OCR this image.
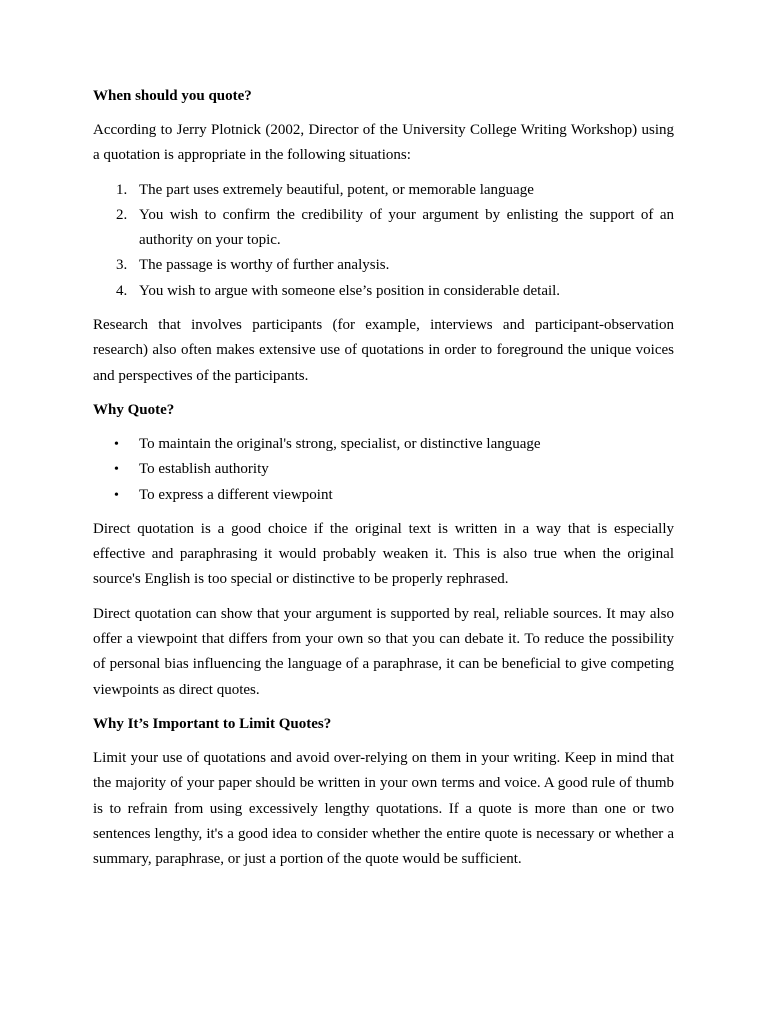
When should you quote?
According to Jerry Plotnick (2002, Director of the University College Writing Workshop) using a quotation is appropriate in the following situations:
1. The part uses extremely beautiful, potent, or memorable language
2. You wish to confirm the credibility of your argument by enlisting the support of an authority on your topic.
3. The passage is worthy of further analysis.
4. You wish to argue with someone else’s position in considerable detail.
Research that involves participants (for example, interviews and participant-observation research) also often makes extensive use of quotations in order to foreground the unique voices and perspectives of the participants.
Why Quote?
• To maintain the original's strong, specialist, or distinctive language
• To establish authority
• To express a different viewpoint
Direct quotation is a good choice if the original text is written in a way that is especially effective and paraphrasing it would probably weaken it. This is also true when the original source's English is too special or distinctive to be properly rephrased.
Direct quotation can show that your argument is supported by real, reliable sources. It may also offer a viewpoint that differs from your own so that you can debate it. To reduce the possibility of personal bias influencing the language of a paraphrase, it can be beneficial to give competing viewpoints as direct quotes.
Why It’s Important to Limit Quotes?
Limit your use of quotations and avoid over-relying on them in your writing. Keep in mind that the majority of your paper should be written in your own terms and voice. A good rule of thumb is to refrain from using excessively lengthy quotations. If a quote is more than one or two sentences lengthy, it's a good idea to consider whether the entire quote is necessary or whether a summary, paraphrase, or just a portion of the quote would be sufficient.
